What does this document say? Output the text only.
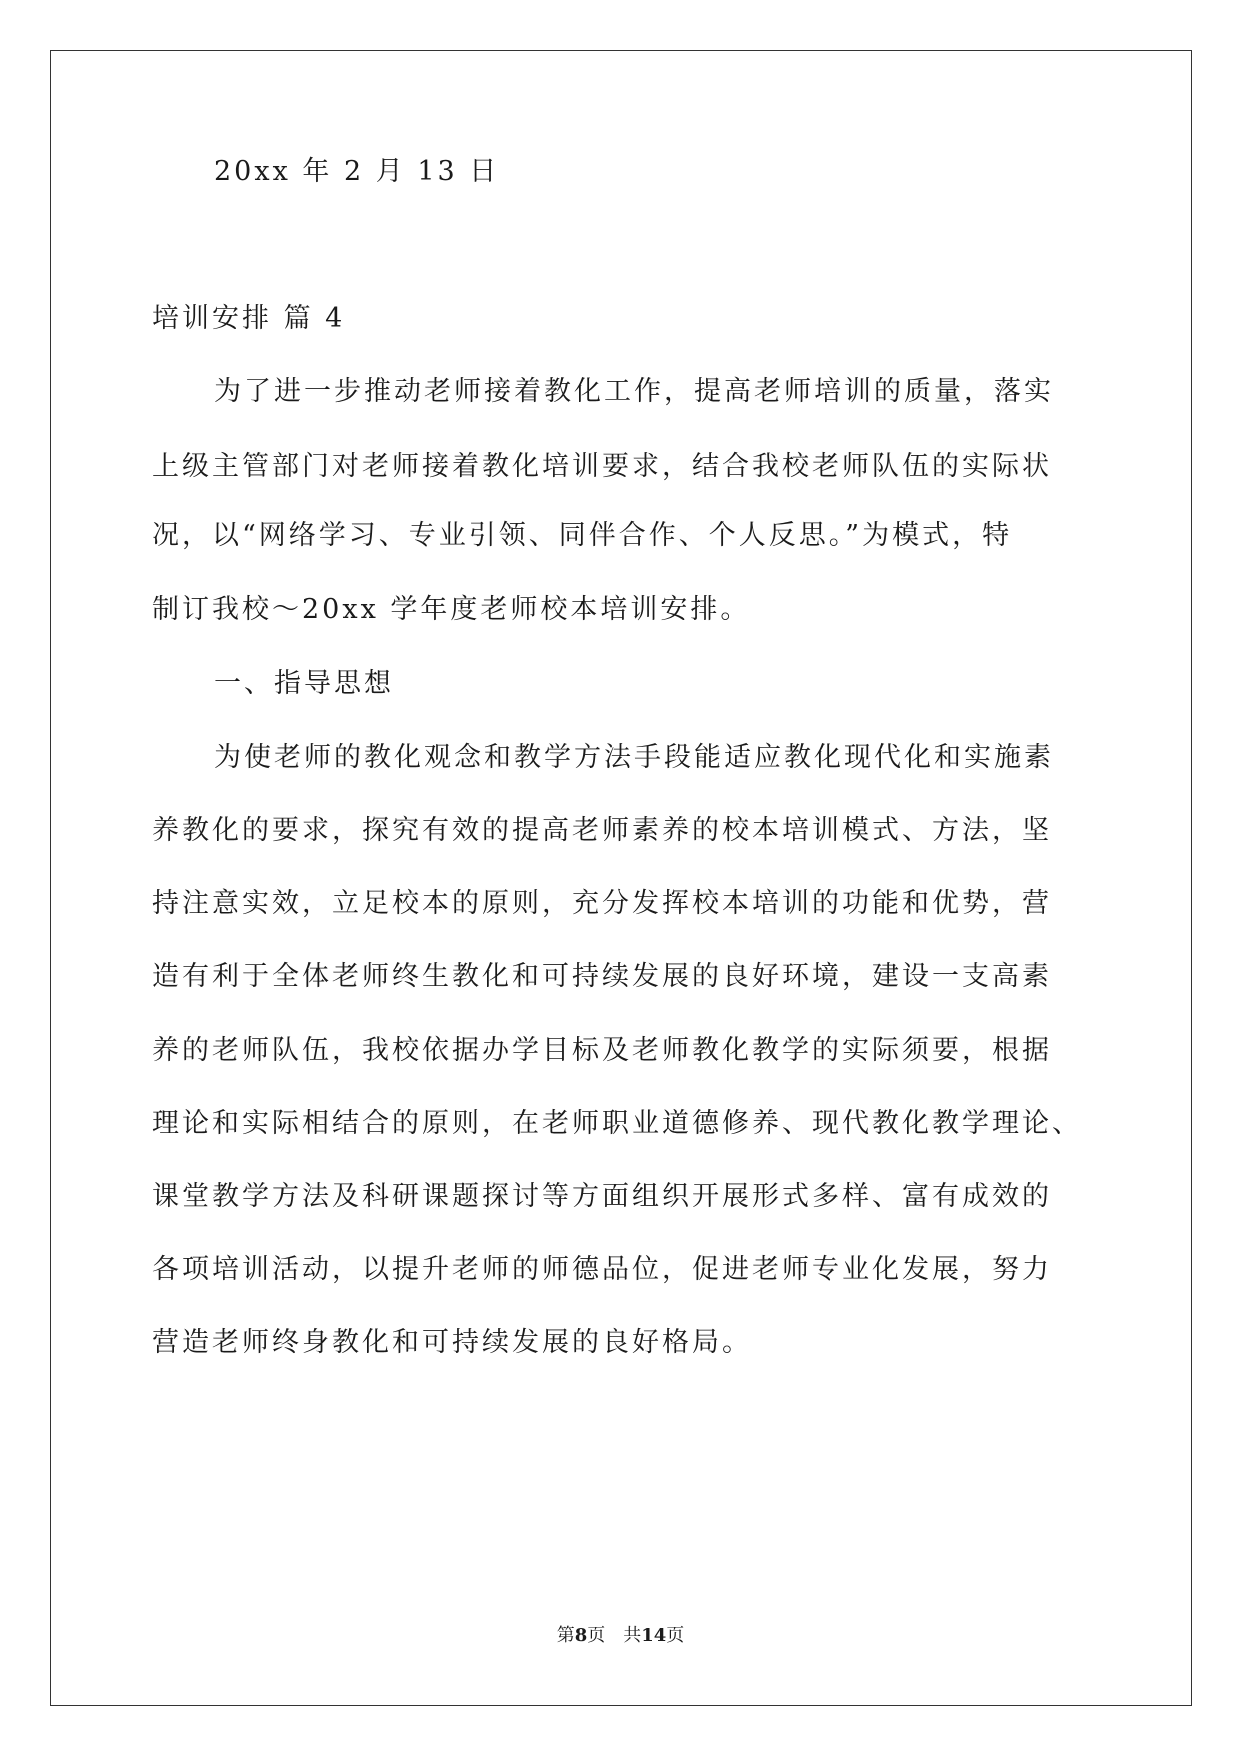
20xx 年 2 月 13 日
培训安排 篇 4
为了进一步推动老师接着教化工作，提高老师培训的质量，落实
上级主管部门对老师接着教化培训要求，结合我校老师队伍的实际状
况，以“网络学习、专业引领、同伴合作、个人反思。”为模式，特
制订我校～20xx 学年度老师校本培训安排。
一、指导思想
为使老师的教化观念和教学方法手段能适应教化现代化和实施素
养教化的要求，探究有效的提高老师素养的校本培训模式、方法，坚
持注意实效，立足校本的原则，充分发挥校本培训的功能和优势，营
造有利于全体老师终生教化和可持续发展的良好环境，建设一支高素
养的老师队伍，我校依据办学目标及老师教化教学的实际须要，根据
理论和实际相结合的原则，在老师职业道德修养、现代教化教学理论、
课堂教学方法及科研课题探讨等方面组织开展形式多样、富有成效的
各项培训活动，以提升老师的师德品位，促进老师专业化发展，努力
营造老师终身教化和可持续发展的良好格局。
第8页 共14页
